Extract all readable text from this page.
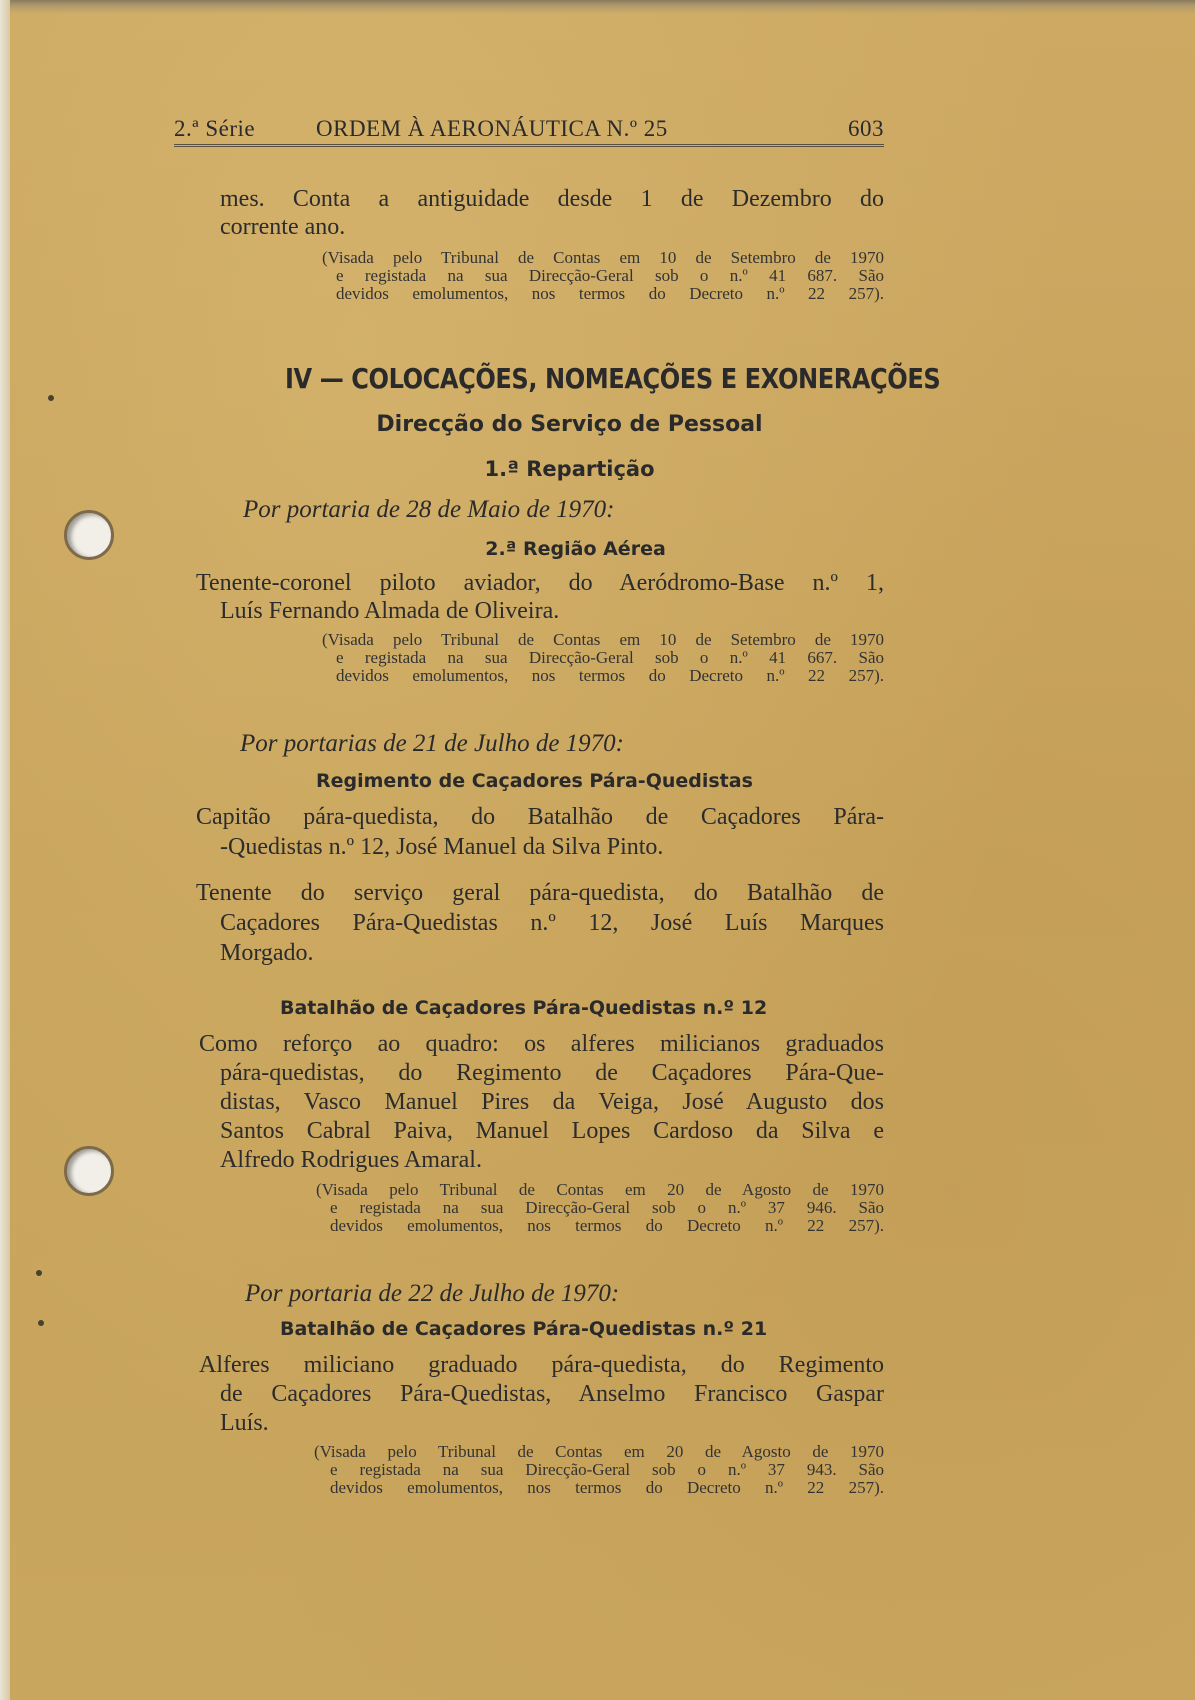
2.ª Série	ORDEM À AERONÁUTICA N.º 25	603
mes. Conta a antiguidade desde 1 de Dezembro do
corrente ano.
(Visada pelo Tribunal de Contas em 10 de Setembro de 1970
e registada na sua Direcção-Geral sob o n.º 41 687. São
devidos emolumentos, nos termos do Decreto n.º 22 257).
IV — COLOCAÇÕES, NOMEAÇÕES E EXONERAÇÕES
Direcção do Serviço de Pessoal
1.ª Repartição
Por portaria de 28 de Maio de 1970:
2.ª Região Aérea
Tenente-coronel piloto aviador, do Aeródromo-Base n.º 1,
Luís Fernando Almada de Oliveira.
(Visada pelo Tribunal de Contas em 10 de Setembro de 1970
e registada na sua Direcção-Geral sob o n.º 41 667. São
devidos emolumentos, nos termos do Decreto n.º 22 257).
Por portarias de 21 de Julho de 1970:
Regimento de Caçadores Pára-Quedistas
Capitão pára-quedista, do Batalhão de Caçadores Pára-
-Quedistas n.º 12, José Manuel da Silva Pinto.
Tenente do serviço geral pára-quedista, do Batalhão de
Caçadores Pára-Quedistas n.º 12, José Luís Marques
Morgado.
Batalhão de Caçadores Pára-Quedistas n.º 12
Como reforço ao quadro: os alferes milicianos graduados
pára-quedistas, do Regimento de Caçadores Pára-Que-
distas, Vasco Manuel Pires da Veiga, José Augusto dos
Santos Cabral Paiva, Manuel Lopes Cardoso da Silva e
Alfredo Rodrigues Amaral.
(Visada pelo Tribunal de Contas em 20 de Agosto de 1970
e registada na sua Direcção-Geral sob o n.º 37 946. São
devidos emolumentos, nos termos do Decreto n.º 22 257).
Por portaria de 22 de Julho de 1970:
Batalhão de Caçadores Pára-Quedistas n.º 21
Alferes miliciano graduado pára-quedista, do Regimento
de Caçadores Pára-Quedistas, Anselmo Francisco Gaspar
Luís.
(Visada pelo Tribunal de Contas em 20 de Agosto de 1970
e registada na sua Direcção-Geral sob o n.º 37 943. São
devidos emolumentos, nos termos do Decreto n.º 22 257).
